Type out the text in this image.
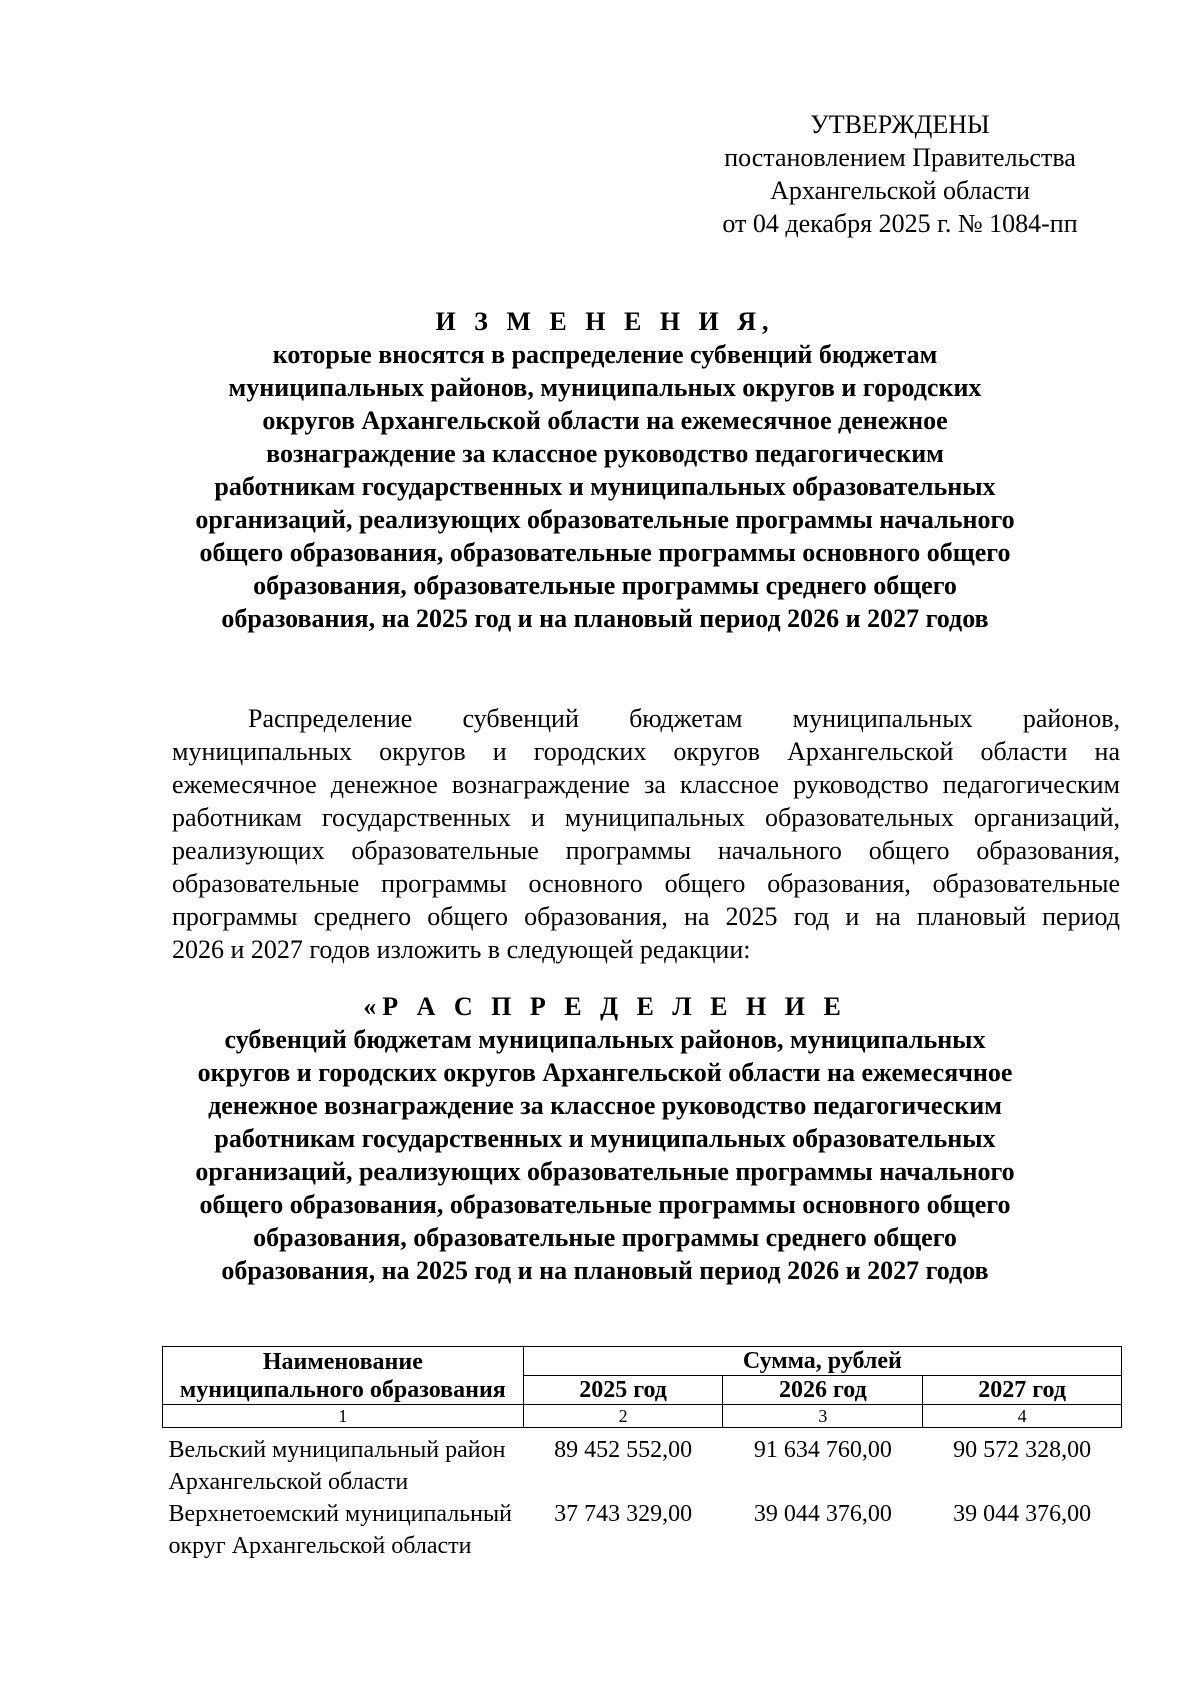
УТВЕРЖДЕНЫ
постановлением Правительства
Архангельской области
от 04 декабря 2025 г. № 1084-пп
И З М Е Н Е Н И Я,
которые вносятся в распределение субвенций бюджетам
муниципальных районов, муниципальных округов и городских
округов Архангельской области на ежемесячное денежное
вознаграждение за классное руководство педагогическим
работникам государственных и муниципальных образовательных
организаций, реализующих образовательные программы начального
общего образования, образовательные программы основного общего
образования, образовательные программы среднего общего
образования, на 2025 год и на плановый период 2026 и 2027 годов
Распределение субвенций бюджетам муниципальных районов,
муниципальных округов и городских округов Архангельской области на
ежемесячное денежное вознаграждение за классное руководство педагогическим
работникам государственных и муниципальных образовательных организаций,
реализующих образовательные программы начального общего образования,
образовательные программы основного общего образования, образовательные
программы среднего общего образования, на 2025 год и на плановый период
2026 и 2027 годов изложить в следующей редакции:
«Р А С П Р Е Д Е Л Е Н И Е
субвенций бюджетам муниципальных районов, муниципальных
округов и городских округов Архангельской области на ежемесячное
денежное вознаграждение за классное руководство педагогическим
работникам государственных и муниципальных образовательных
организаций, реализующих образовательные программы начального
общего образования, образовательные программы основного общего
образования, образовательные программы среднего общего
образования, на 2025 год и на плановый период 2026 и 2027 годов
Наименование муниципального образования	Сумма, рублей		
	2025 год	2026 год	2027 год
1	2	3	4

Вельский муниципальный район Архангельской области	89 452 552,00	91 634 760,00	90 572 328,00
Верхнетоемский муниципальный округ Архангельской области	37 743 329,00	39 044 376,00	39 044 376,00
